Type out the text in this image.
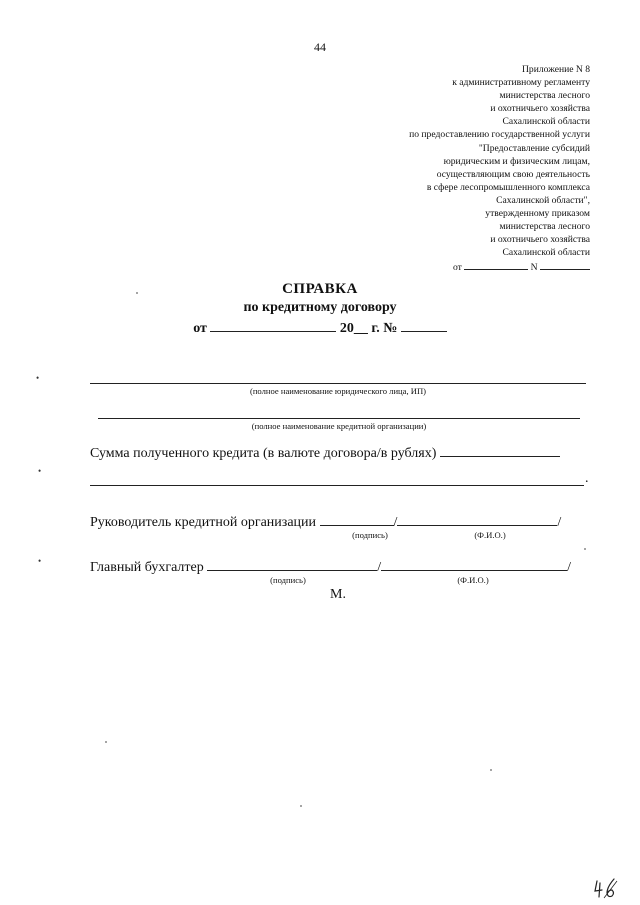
44
Приложение N 8
к административному регламенту
министерства лесного
и охотничьего хозяйства
Сахалинской области
по предоставлению государственной услуги
"Предоставление субсидий
юридическим и физическим лицам,
осуществляющим свою деятельность
в сфере лесопромышленного комплекса
Сахалинской области",
утвержденному приказом
министерства лесного
и охотничьего хозяйства
Сахалинской области
от	N
СПРАВКА
по кредитному договору
от	20__ г. №
(полное наименование юридического лица, ИП)
(полное наименование кредитной организации)
Сумма полученного кредита (в валюте договора/в рублях)
.
Руководитель кредитной организации	/	/
(подпись)	(Ф.И.О.)
Главный бухгалтер	/	/
(подпись)	(Ф.И.О.)
М.
•
•
•
